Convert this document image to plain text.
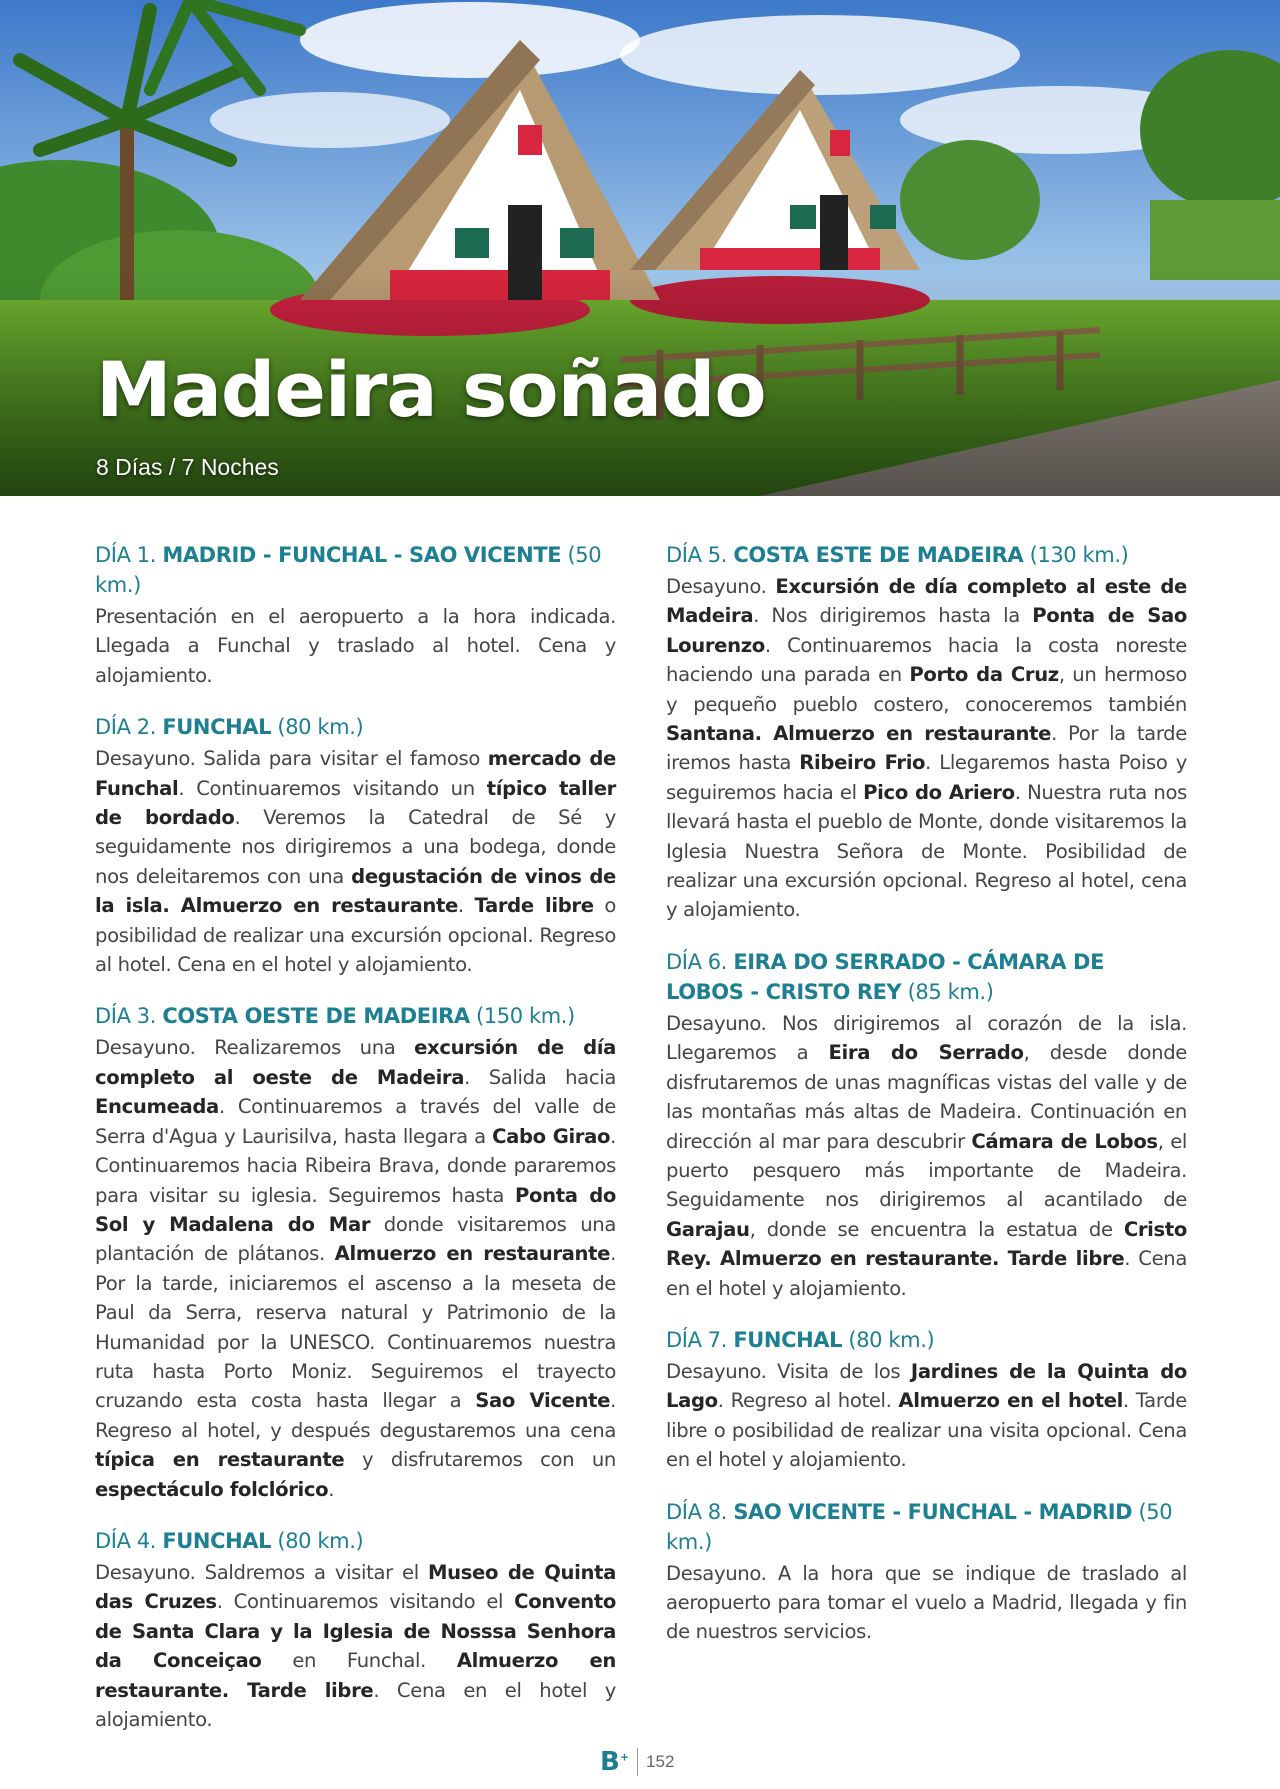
Madeira soñado
8 Días / 7 Noches
DÍA 1. MADRID - FUNCHAL - SAO VICENTE (50 km.)

Presentación en el aeropuerto a la hora indicada. Llegada a Funchal y traslado al hotel. Cena y alojamiento.

DÍA 2. FUNCHAL (80 km.)

Desayuno. Salida para visitar el famoso mercado de Funchal. Continuaremos visitando un típico taller de bordado. Veremos la Catedral de Sé y seguidamente nos dirigiremos a una bodega, donde nos deleitaremos con una degustación de vinos de la isla. Almuerzo en restaurante. Tarde libre o posibilidad de realizar una excursión opcional. Regreso al hotel. Cena en el hotel y alojamiento.

DÍA 3. COSTA OESTE DE MADEIRA (150 km.)

Desayuno. Realizaremos una excursión de día completo al oeste de Madeira. Salida hacia Encumeada. Continuaremos a través del valle de Serra d'Agua y Laurisilva, hasta llegara a Cabo Girao. Continuaremos hacia Ribeira Brava, donde pararemos para visitar su iglesia. Seguiremos hasta Ponta do Sol y Madalena do Mar donde visitaremos una plantación de plátanos. Almuerzo en restaurante. Por la tarde, iniciaremos el ascenso a la meseta de Paul da Serra, reserva natural y Patrimonio de la Humanidad por la UNESCO. Continuaremos nuestra ruta hasta Porto Moniz. Seguiremos el trayecto cruzando esta costa hasta llegar a Sao Vicente. Regreso al hotel, y después degustaremos una cena típica en restaurante y disfrutaremos con un espectáculo folclórico.

DÍA 4. FUNCHAL (80 km.)

Desayuno. Saldremos a visitar el Museo de Quinta das Cruzes. Continuaremos visitando el Convento de Santa Clara y la Iglesia de Nosssa Senhora da Conceiçao en Funchal. Almuerzo en restaurante. Tarde libre. Cena en el hotel y alojamiento.

DÍA 5. COSTA ESTE DE MADEIRA (130 km.)

Desayuno. Excursión de día completo al este de Madeira. Nos dirigiremos hasta la Ponta de Sao Lourenzo. Continuaremos hacia la costa noreste haciendo una parada en Porto da Cruz, un hermoso y pequeño pueblo costero, conoceremos también Santana. Almuerzo en restaurante. Por la tarde iremos hasta Ribeiro Frio. Llegaremos hasta Poiso y seguiremos hacia el Pico do Ariero. Nuestra ruta nos llevará hasta el pueblo de Monte, donde visitaremos la Iglesia Nuestra Señora de Monte. Posibilidad de realizar una excursión opcional. Regreso al hotel, cena y alojamiento.

DÍA 6. EIRA DO SERRADO - CÁMARA DE LOBOS - CRISTO REY (85 km.)

Desayuno. Nos dirigiremos al corazón de la isla. Llegaremos a Eira do Serrado, desde donde disfrutaremos de unas magníficas vistas del valle y de las montañas más altas de Madeira. Continuación en dirección al mar para descubrir Cámara de Lobos, el puerto pesquero más importante de Madeira. Seguidamente nos dirigiremos al acantilado de Garajau, donde se encuentra la estatua de Cristo Rey. Almuerzo en restaurante. Tarde libre. Cena en el hotel y alojamiento.

DÍA 7. FUNCHAL (80 km.)

Desayuno. Visita de los Jardines de la Quinta do Lago. Regreso al hotel. Almuerzo en el hotel. Tarde libre o posibilidad de realizar una visita opcional. Cena en el hotel y alojamiento.

DÍA 8. SAO VICENTE - FUNCHAL - MADRID (50 km.)

Desayuno. A la hora que se indique de traslado al aeropuerto para tomar el vuelo a Madrid, llegada y fin de nuestros servicios.

B+ 152
